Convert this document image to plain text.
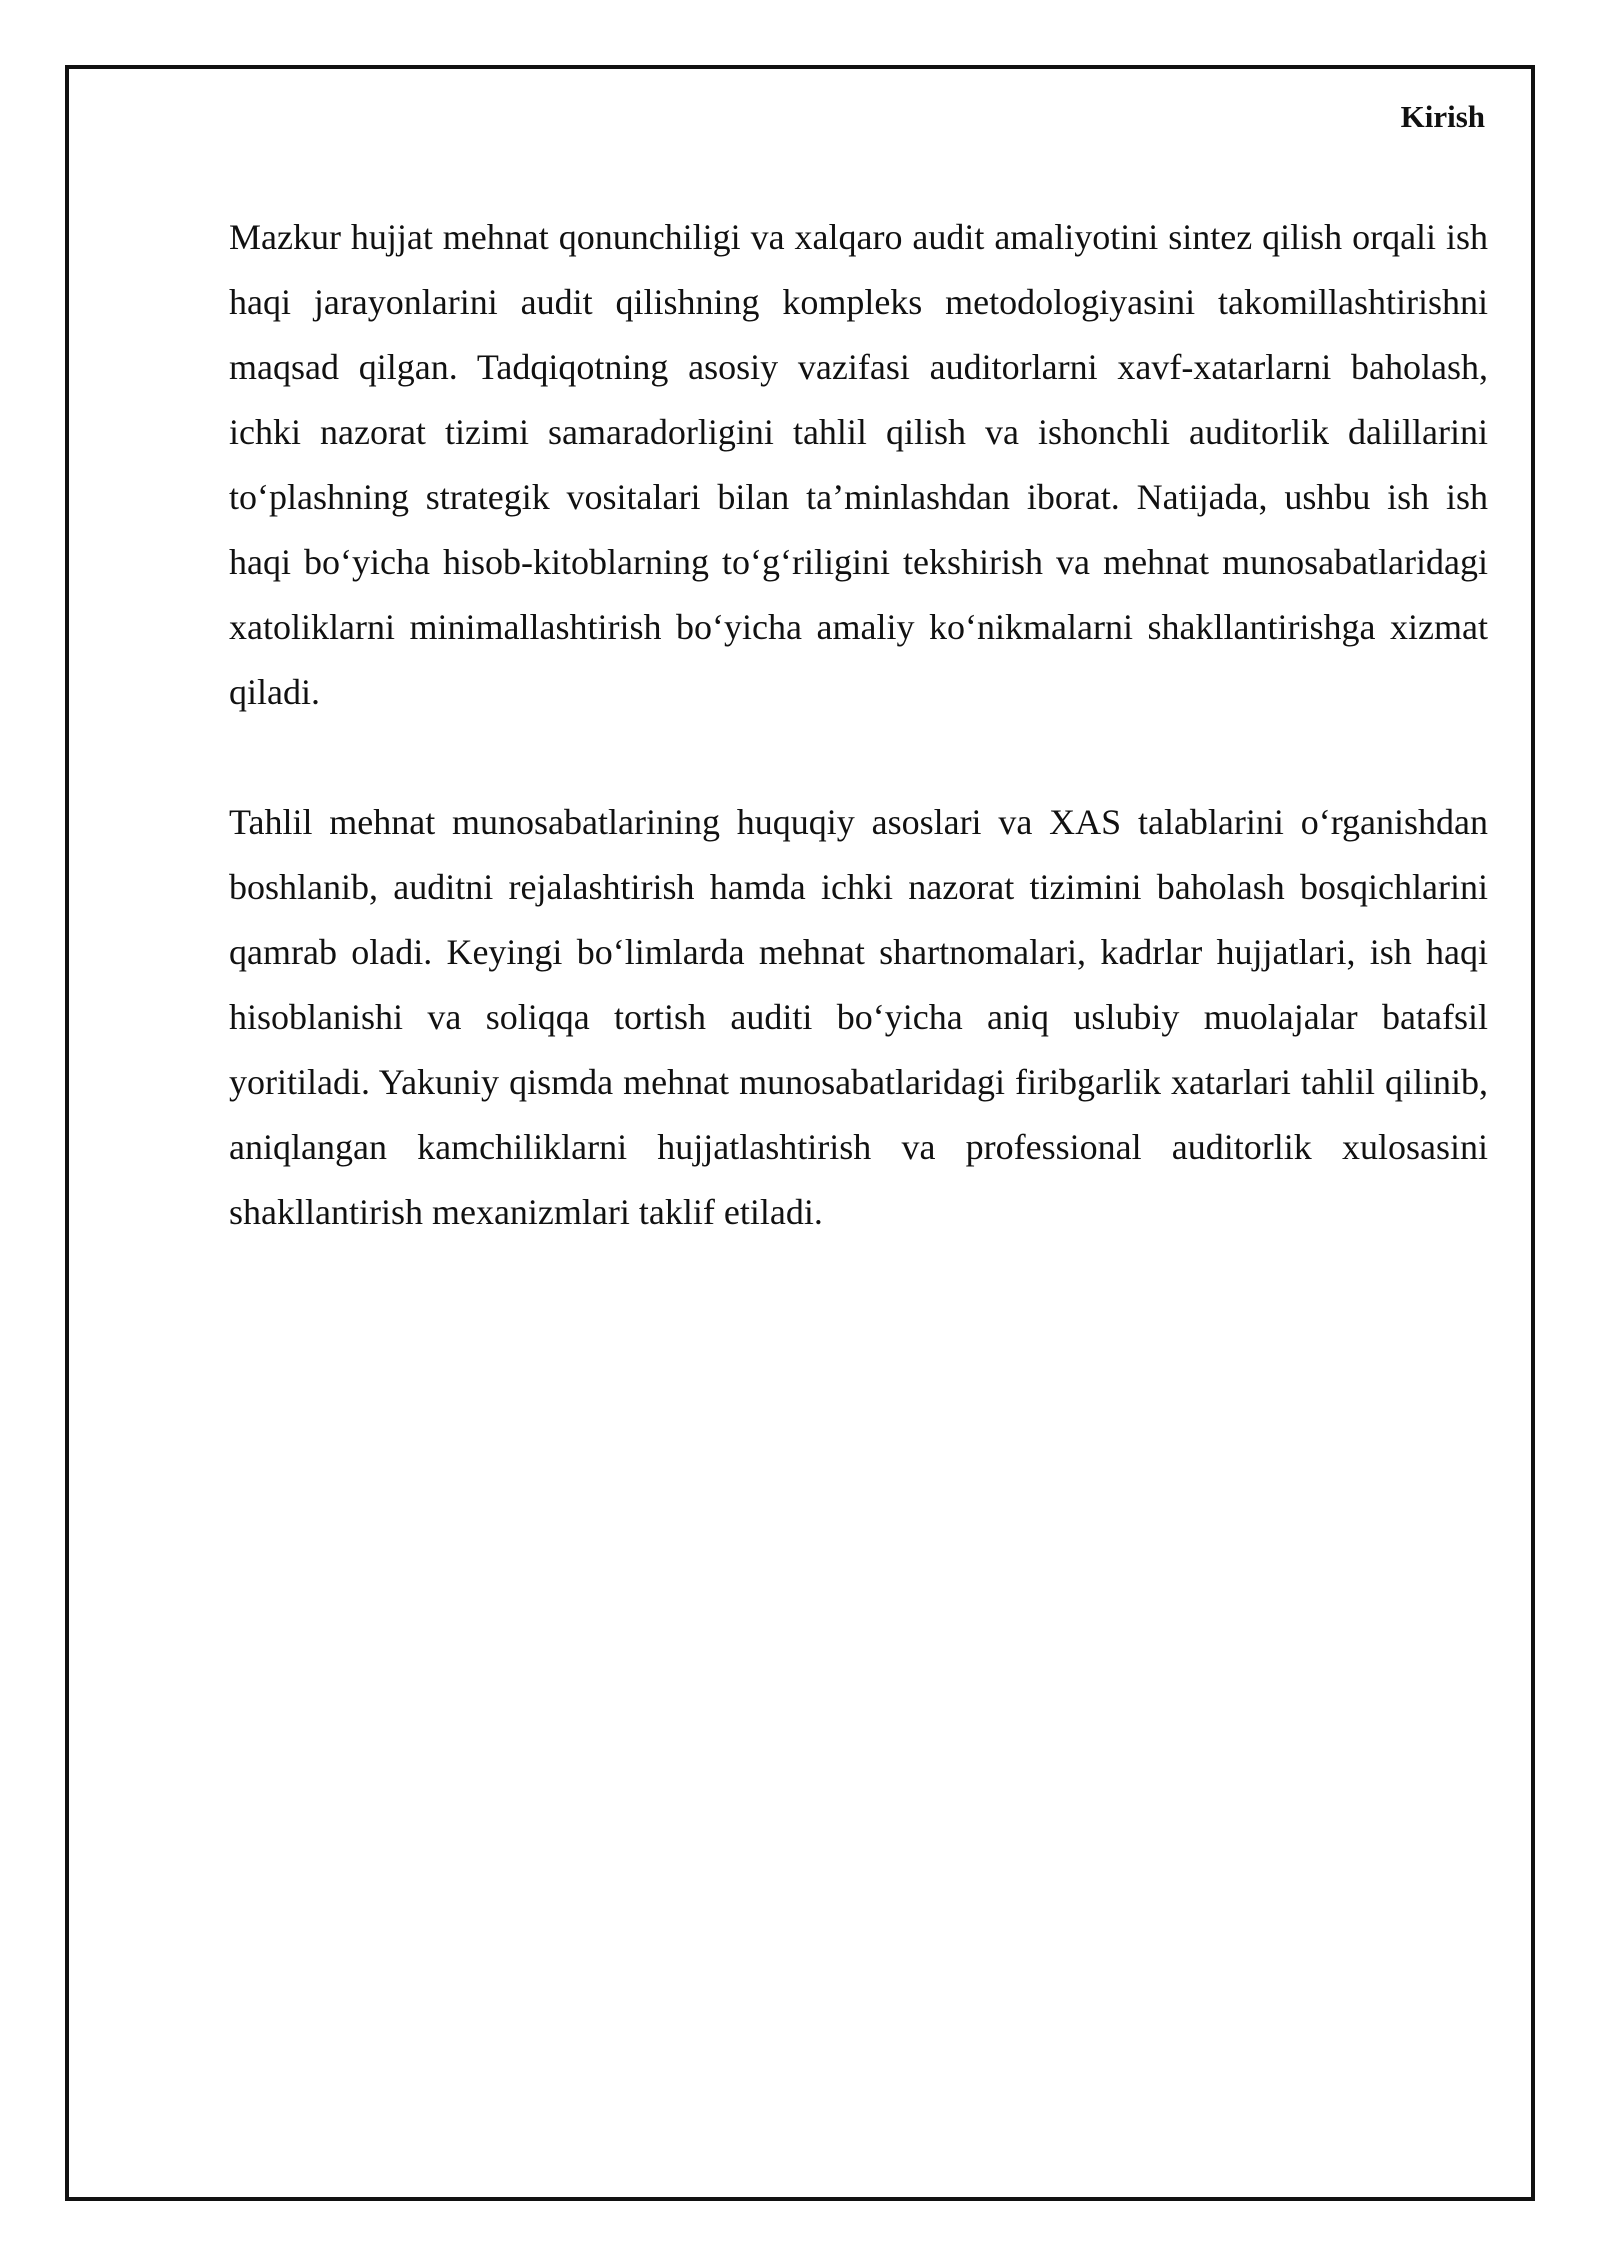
Kirish

Mazkur hujjat mehnat qonunchiligi va xalqaro audit amaliyotini sintez qilish orqali ish haqi jarayonlarini audit qilishning kompleks metodologiyasini takomillashtirishni maqsad qilgan. Tadqiqotning asosiy vazifasi auditorlarni xavf-xatarlarni baholash, ichki nazorat tizimi samaradorligini tahlil qilish va ishonchli auditorlik dalillarini to‘plashning strategik vositalari bilan ta’minlashdan iborat. Natijada, ushbu ish ish haqi bo‘yicha hisob-kitoblarning to‘g‘riligini tekshirish va mehnat munosabatlaridagi xatoliklarni minimallashtirish bo‘yicha amaliy ko‘nikmalarni shakllantirishga xizmat qiladi.

Tahlil mehnat munosabatlarining huquqiy asoslari va XAS talablarini o‘rganishdan boshlanib, auditni rejalashtirish hamda ichki nazorat tizimini baholash bosqichlarini qamrab oladi. Keyingi bo‘limlarda mehnat shartnomalari, kadrlar hujjatlari, ish haqi hisoblanishi va soliqqa tortish auditi bo‘yicha aniq uslubiy muolajalar batafsil yoritiladi. Yakuniy qismda mehnat munosabatlaridagi firibgarlik xatarlari tahlil qilinib, aniqlangan kamchiliklarni hujjatlashtirish va professional auditorlik xulosasini shakllantirish mexanizmlari taklif etiladi.
